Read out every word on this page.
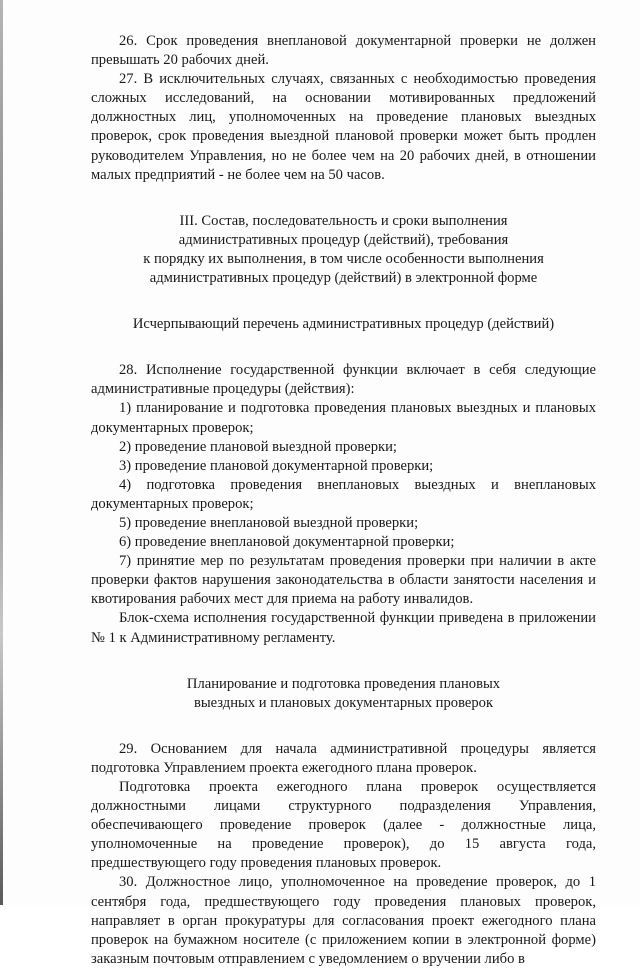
26. Срок проведения внеплановой документарной проверки не должен превышать 20 рабочих дней.

27. В исключительных случаях, связанных с необходимостью проведения сложных исследований, на основании мотивированных предложений должностных лиц, уполномоченных на проведение плановых выездных проверок, срок проведения выездной плановой проверки может быть продлен руководителем Управления, но не более чем на 20 рабочих дней, в отношении малых предприятий - не более чем на 50 часов.

III. Состав, последовательность и сроки выполнения

административных процедур (действий), требования

к порядку их выполнения, в том числе особенности выполнения

административных процедур (действий) в электронной форме

Исчерпывающий перечень административных процедур (действий)

28. Исполнение государственной функции включает в себя следующие административные процедуры (действия):

1) планирование и подготовка проведения плановых выездных и плановых документарных проверок;

2) проведение плановой выездной проверки;

3) проведение плановой документарной проверки;

4) подготовка проведения внеплановых выездных и внеплановых документарных проверок;

5) проведение внеплановой выездной проверки;

6) проведение внеплановой документарной проверки;

7) принятие мер по результатам проведения проверки при наличии в акте проверки фактов нарушения законодательства в области занятости населения и квотирования рабочих мест для приема на работу инвалидов.

Блок-схема исполнения государственной функции приведена в приложении № 1 к Административному регламенту.

Планирование и подготовка проведения плановых

выездных и плановых документарных проверок

29. Основанием для начала административной процедуры является подготовка Управлением проекта ежегодного плана проверок.

Подготовка проекта ежегодного плана проверок осуществляется должностными лицами структурного подразделения Управления, обеспечивающего проведение проверок (далее - должностные лица, уполномоченные на проведение проверок), до 15 августа года, предшествующего году проведения плановых проверок.

30. Должностное лицо, уполномоченное на проведение проверок, до 1 сентября года, предшествующего году проведения плановых проверок, направляет в орган прокуратуры для согласования проект ежегодного плана проверок на бумажном носителе (с приложением копии в электронной форме) заказным почтовым отправлением с уведомлением о вручении либо в
